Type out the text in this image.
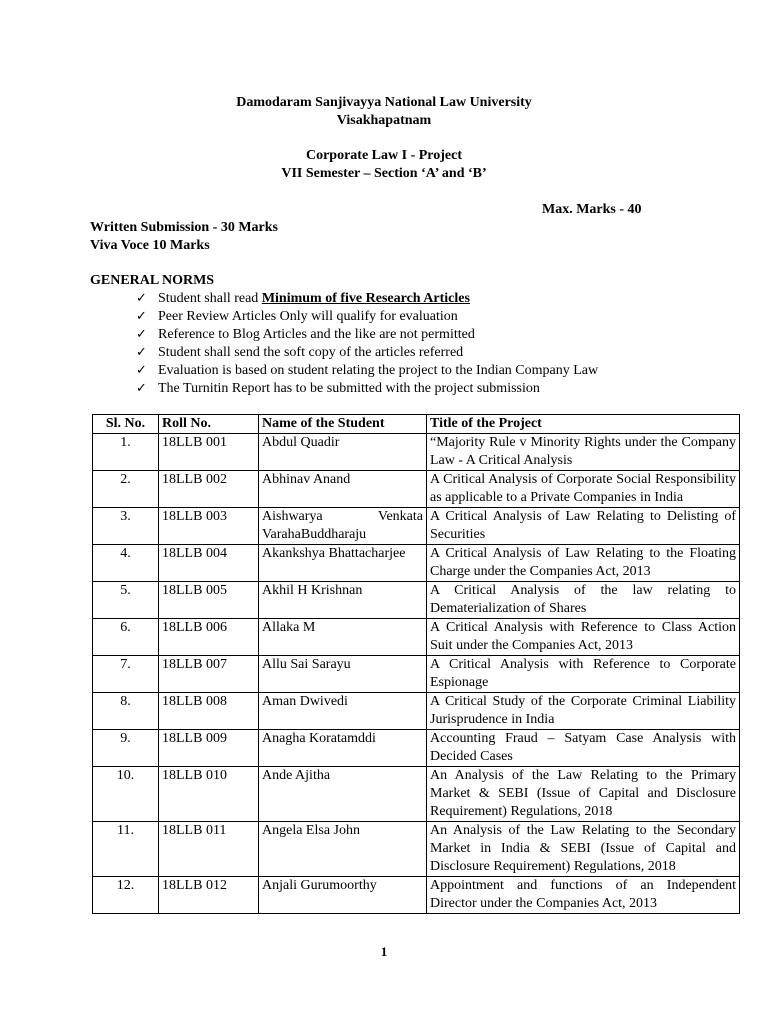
Damodaram Sanjivayya National Law University
Visakhapatnam
Corporate Law I - Project
VII Semester – Section ‘A’ and ‘B’
Max. Marks - 40
Written Submission - 30 Marks
Viva Voce 10 Marks
GENERAL NORMS
✓ Student shall read Minimum of five Research Articles
✓ Peer Review Articles Only will qualify for evaluation
✓ Reference to Blog Articles and the like are not permitted
✓ Student shall send the soft copy of the articles referred
✓ Evaluation is based on student relating the project to the Indian Company Law
✓ The Turnitin Report has to be submitted with the project submission
Sl. No.	Roll No.	Name of the Student	Title of the Project
1.	18LLB 001	Abdul Quadir	“Majority Rule v Minority Rights under the Company Law - A Critical Analysis
2.	18LLB 002	Abhinav Anand	A Critical Analysis of Corporate Social Responsibility as applicable to a Private Companies in India
3.	18LLB 003	Aishwarya Venkata VarahaBuddharaju	A Critical Analysis of Law Relating to Delisting of Securities
4.	18LLB 004	Akankshya Bhattacharjee	A Critical Analysis of Law Relating to the Floating Charge under the Companies Act, 2013
5.	18LLB 005	Akhil H Krishnan	A Critical Analysis of the law relating to Dematerialization of Shares
6.	18LLB 006	Allaka M	A Critical Analysis with Reference to Class Action Suit under the Companies Act, 2013
7.	18LLB 007	Allu Sai Sarayu	A Critical Analysis with Reference to Corporate Espionage
8.	18LLB 008	Aman Dwivedi	A Critical Study of the Corporate Criminal Liability Jurisprudence in India
9.	18LLB 009	Anagha Koratamddi	Accounting Fraud – Satyam Case Analysis with Decided Cases
10.	18LLB 010	Ande Ajitha	An Analysis of the Law Relating to the Primary Market & SEBI (Issue of Capital and Disclosure Requirement) Regulations, 2018
11.	18LLB 011	Angela Elsa John	An Analysis of the Law Relating to the Secondary Market in India & SEBI (Issue of Capital and Disclosure Requirement) Regulations, 2018
12.	18LLB 012	Anjali Gurumoorthy	Appointment and functions of an Independent Director under the Companies Act, 2013
1
